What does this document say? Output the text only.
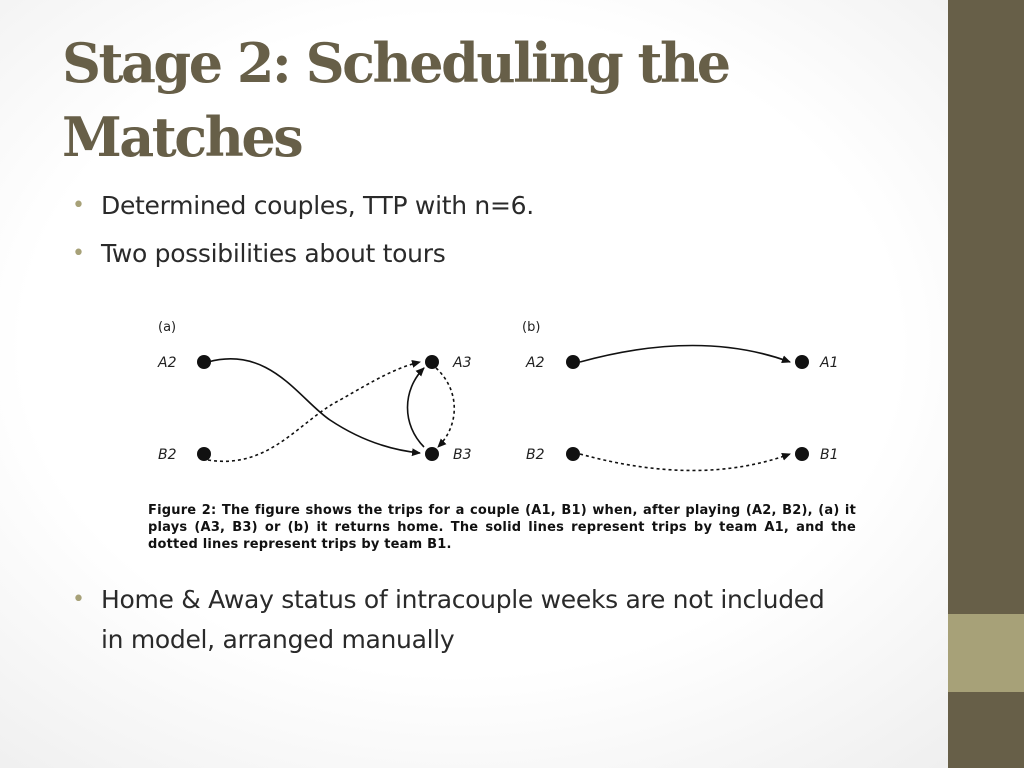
Stage 2: Scheduling the Matches
• Determined couples, TTP with n=6.
• Two possibilities about tours
(a)	(b)
A2
B2
A3
B3
A2
B2
A1
B1
Figure 2: The figure shows the trips for a couple (A1, B1) when, after playing (A2, B2), (a) it plays (A3, B3) or (b) it returns home. The solid lines represent trips by team A1, and the dotted lines represent trips by team B1.
• Home & Away status of intracouple weeks are not included in model, arranged manually
